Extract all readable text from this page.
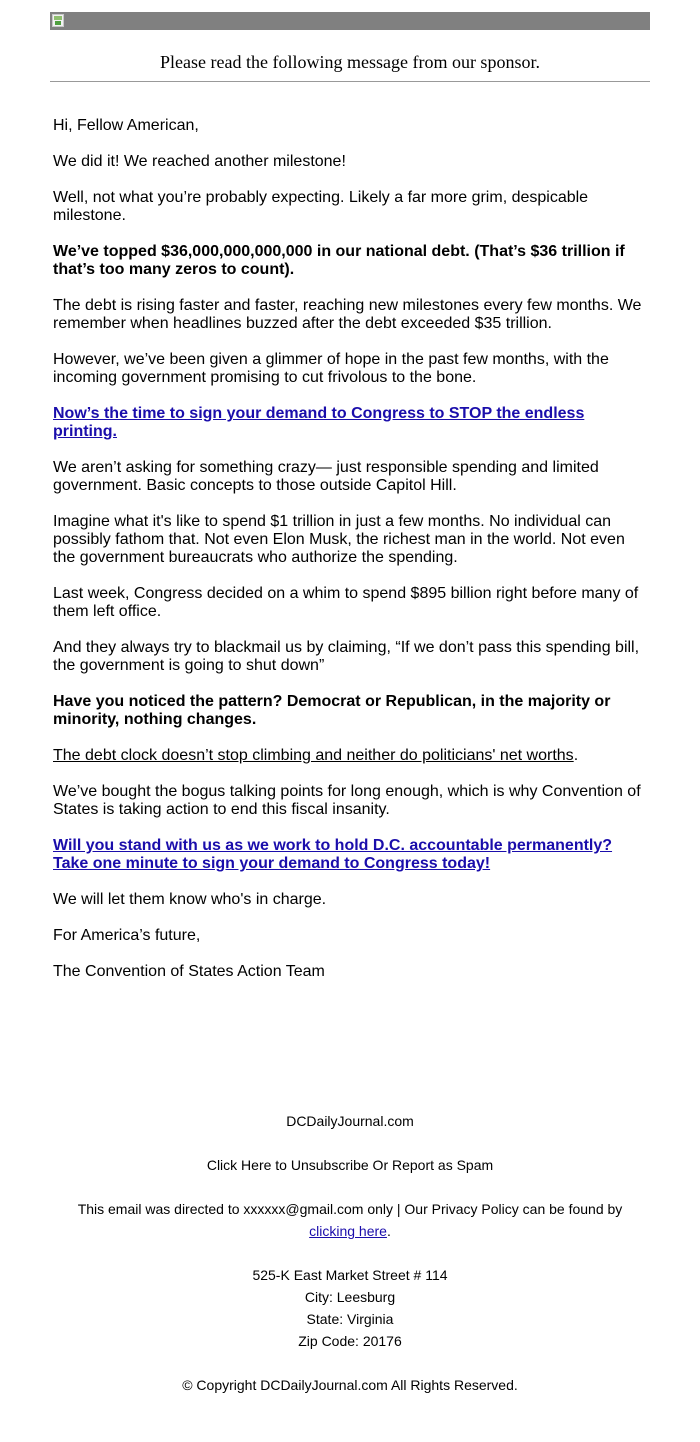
Please read the following message from our sponsor.

Hi, Fellow American,

We did it! We reached another milestone!

Well, not what you’re probably expecting. Likely a far more grim, despicable milestone.

We’ve topped $36,000,000,000,000 in our national debt. (That’s $36 trillion if that’s too many zeros to count).

The debt is rising faster and faster, reaching new milestones every few months. We remember when headlines buzzed after the debt exceeded $35 trillion.

However, we’ve been given a glimmer of hope in the past few months, with the incoming government promising to cut frivolous to the bone.

Now’s the time to sign your demand to Congress to STOP the endless printing.

We aren’t asking for something crazy— just responsible spending and limited government. Basic concepts to those outside Capitol Hill.

Imagine what it's like to spend $1 trillion in just a few months. No individual can possibly fathom that. Not even Elon Musk, the richest man in the world. Not even the government bureaucrats who authorize the spending.

Last week, Congress decided on a whim to spend $895 billion right before many of them left office.

And they always try to blackmail us by claiming, “If we don’t pass this spending bill, the government is going to shut down”

Have you noticed the pattern? Democrat or Republican, in the majority or minority, nothing changes.

The debt clock doesn’t stop climbing and neither do politicians' net worths.

We’ve bought the bogus talking points for long enough, which is why Convention of States is taking action to end this fiscal insanity.

Will you stand with us as we work to hold D.C. accountable permanently? Take one minute to sign your demand to Congress today!

We will let them know who's in charge.

For America’s future,

The Convention of States Action Team

DCDailyJournal.com
Click Here to Unsubscribe Or Report as Spam
This email was directed to xxxxxx@gmail.com only | Our Privacy Policy can be found by clicking here.
525-K East Market Street # 114
City: Leesburg
State: Virginia
Zip Code: 20176
© Copyright DCDailyJournal.com All Rights Reserved.
